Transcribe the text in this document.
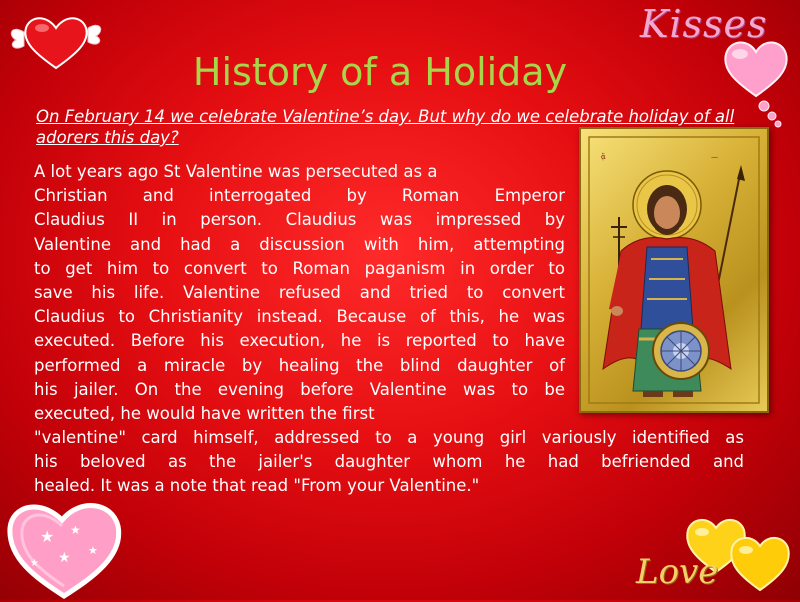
Kisses
★ ★
★ ★
★	Love
History of a Holiday
On February 14 we celebrate Valentine’s day. But why do we celebrate holiday of all adorers this day?
A lot years ago St Valentine was persecuted as a
Christian and interrogated by Roman Emperor
Claudius II in person. Claudius was impressed by
Valentine and had a discussion with him, attempting
to get him to convert to Roman paganism in order to
save his life. Valentine refused and tried to convert
Claudius to Christianity instead. Because of this, he was
executed. Before his execution, he is reported to have
performed a miracle by healing the blind daughter of
his jailer. On the evening before Valentine was to be
executed, he would have written the first
"valentine" card himself, addressed to a young girl variously identified as
his beloved as the jailer's daughter whom he had befriended and
healed. It was a note that read "From your Valentine."
ᾅ	—
